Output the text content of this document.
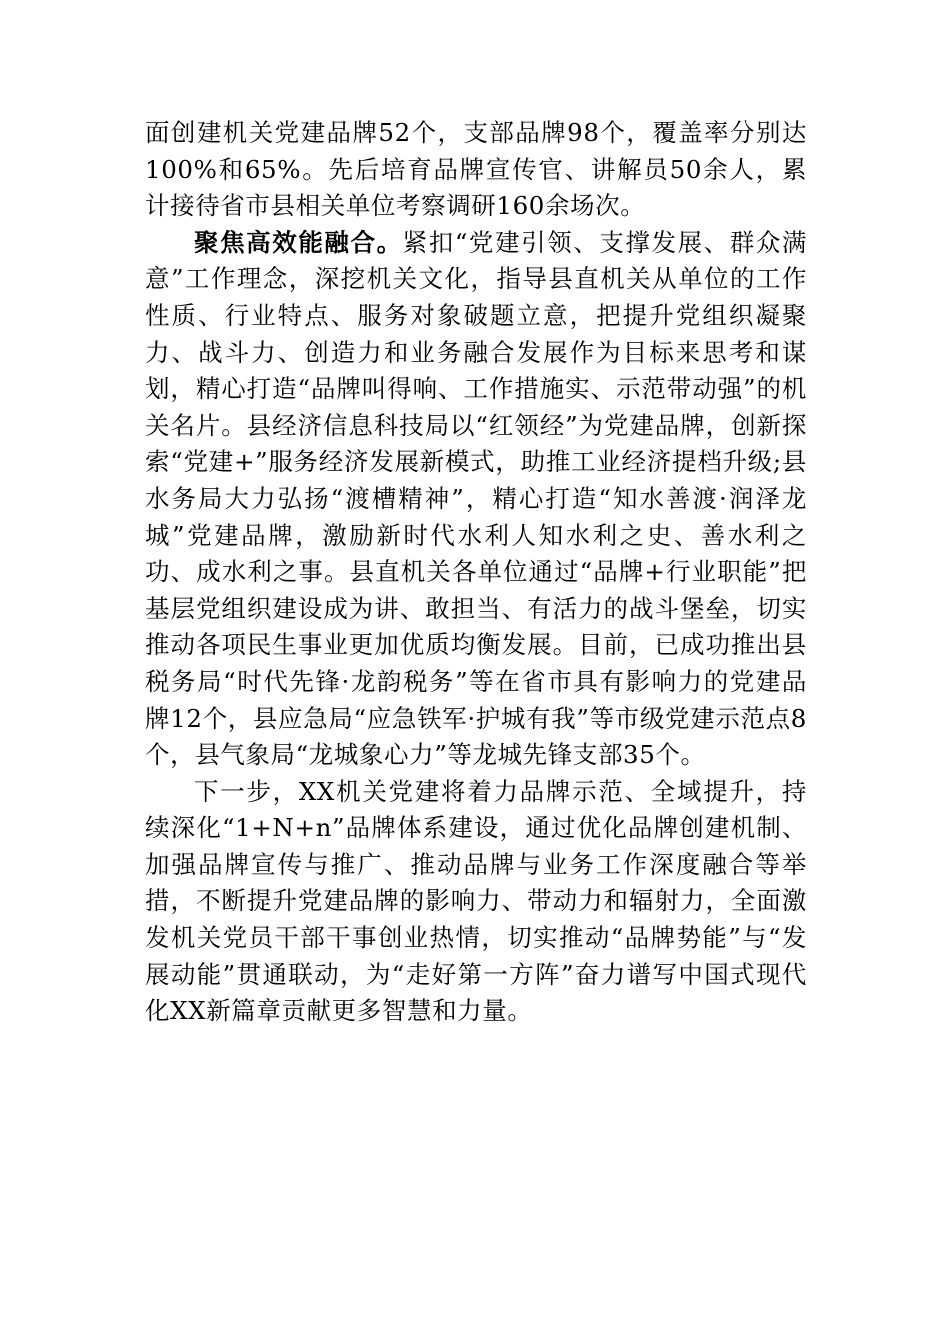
面创建机关党建品牌52个，支部品牌98个，覆盖率分别达100%和65%。先后培育品牌宣传官、讲解员50余人，累计接待省市县相关单位考察调研160余场次。

聚焦高效能融合。紧扣“党建引领、支撑发展、群众满意”工作理念，深挖机关文化，指导县直机关从单位的工作性质、行业特点、服务对象破题立意，把提升党组织凝聚力、战斗力、创造力和业务融合发展作为目标来思考和谋划，精心打造“品牌叫得响、工作措施实、示范带动强”的机关名片。县经济信息科技局以“红领经”为党建品牌，创新探索“党建+”服务经济发展新模式，助推工业经济提档升级;县水务局大力弘扬“渡槽精神”，精心打造“知水善渡·润泽龙城”党建品牌，激励新时代水利人知水利之史、善水利之功、成水利之事。县直机关各单位通过“品牌+行业职能”把基层党组织建设成为讲、敢担当、有活力的战斗堡垒，切实推动各项民生事业更加优质均衡发展。目前，已成功推出县税务局“时代先锋·龙韵税务”等在省市具有影响力的党建品牌12个，县应急局“应急铁军·护城有我”等市级党建示范点8个，县气象局“龙城象心力”等龙城先锋支部35个。

下一步，XX机关党建将着力品牌示范、全域提升，持续深化“1+N+n”品牌体系建设，通过优化品牌创建机制、加强品牌宣传与推广、推动品牌与业务工作深度融合等举措，不断提升党建品牌的影响力、带动力和辐射力，全面激发机关党员干部干事创业热情，切实推动“品牌势能”与“发展动能”贯通联动，为“走好第一方阵”奋力谱写中国式现代化XX新篇章贡献更多智慧和力量。
